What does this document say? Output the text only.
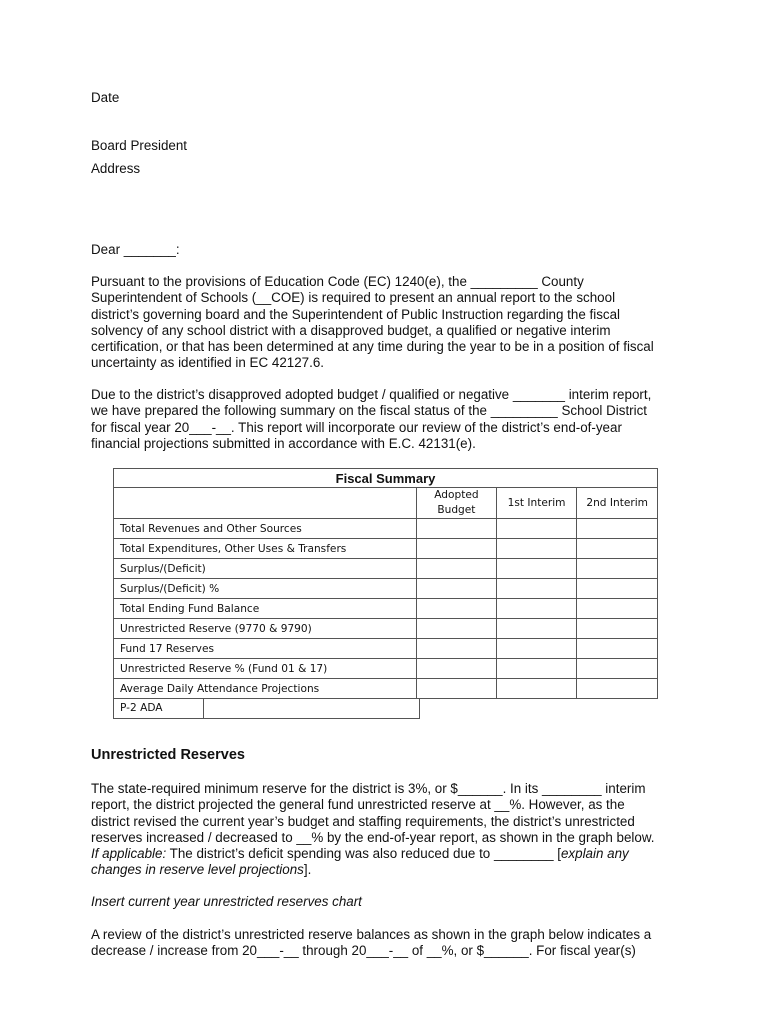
Date
Board President
Address
Dear _______:
Pursuant to the provisions of Education Code (EC) 1240(e), the _________ County
Superintendent of Schools (__COE) is required to present an annual report to the school
district’s governing board and the Superintendent of Public Instruction regarding the fiscal
solvency of any school district with a disapproved budget, a qualified or negative interim
certification, or that has been determined at any time during the year to be in a position of fiscal
uncertainty as identified in EC 42127.6.
Due to the district’s disapproved adopted budget / qualified or negative _______ interim report,
we have prepared the following summary on the fiscal status of the _________ School District
for fiscal year 20___-__. This report will incorporate our review of the district’s end-of-year
financial projections submitted in accordance with E.C. 42131(e).
Fiscal Summary
	Adopted Budget	1st Interim	2nd Interim
Total Revenues and Other Sources			
Total Expenditures, Other Uses & Transfers			
Surplus/(Deficit)			
Surplus/(Deficit) %			
Total Ending Fund Balance			
Unrestricted Reserve (9770 & 9790)			
Fund 17 Reserves			
Unrestricted Reserve % (Fund 01 & 17)			
Average Daily Attendance Projections			
P-2 ADA
Unrestricted Reserves
The state-required minimum reserve for the district is 3%, or $______. In its ________ interim
report, the district projected the general fund unrestricted reserve at __%. However, as the
district revised the current year’s budget and staffing requirements, the district’s unrestricted
reserves increased / decreased to __% by the end-of-year report, as shown in the graph below.
If applicable: The district’s deficit spending was also reduced due to ________ [explain any
changes in reserve level projections].
Insert current year unrestricted reserves chart
A review of the district’s unrestricted reserve balances as shown in the graph below indicates a
decrease / increase from 20___-__ through 20___-__ of __%, or $______. For fiscal year(s)
